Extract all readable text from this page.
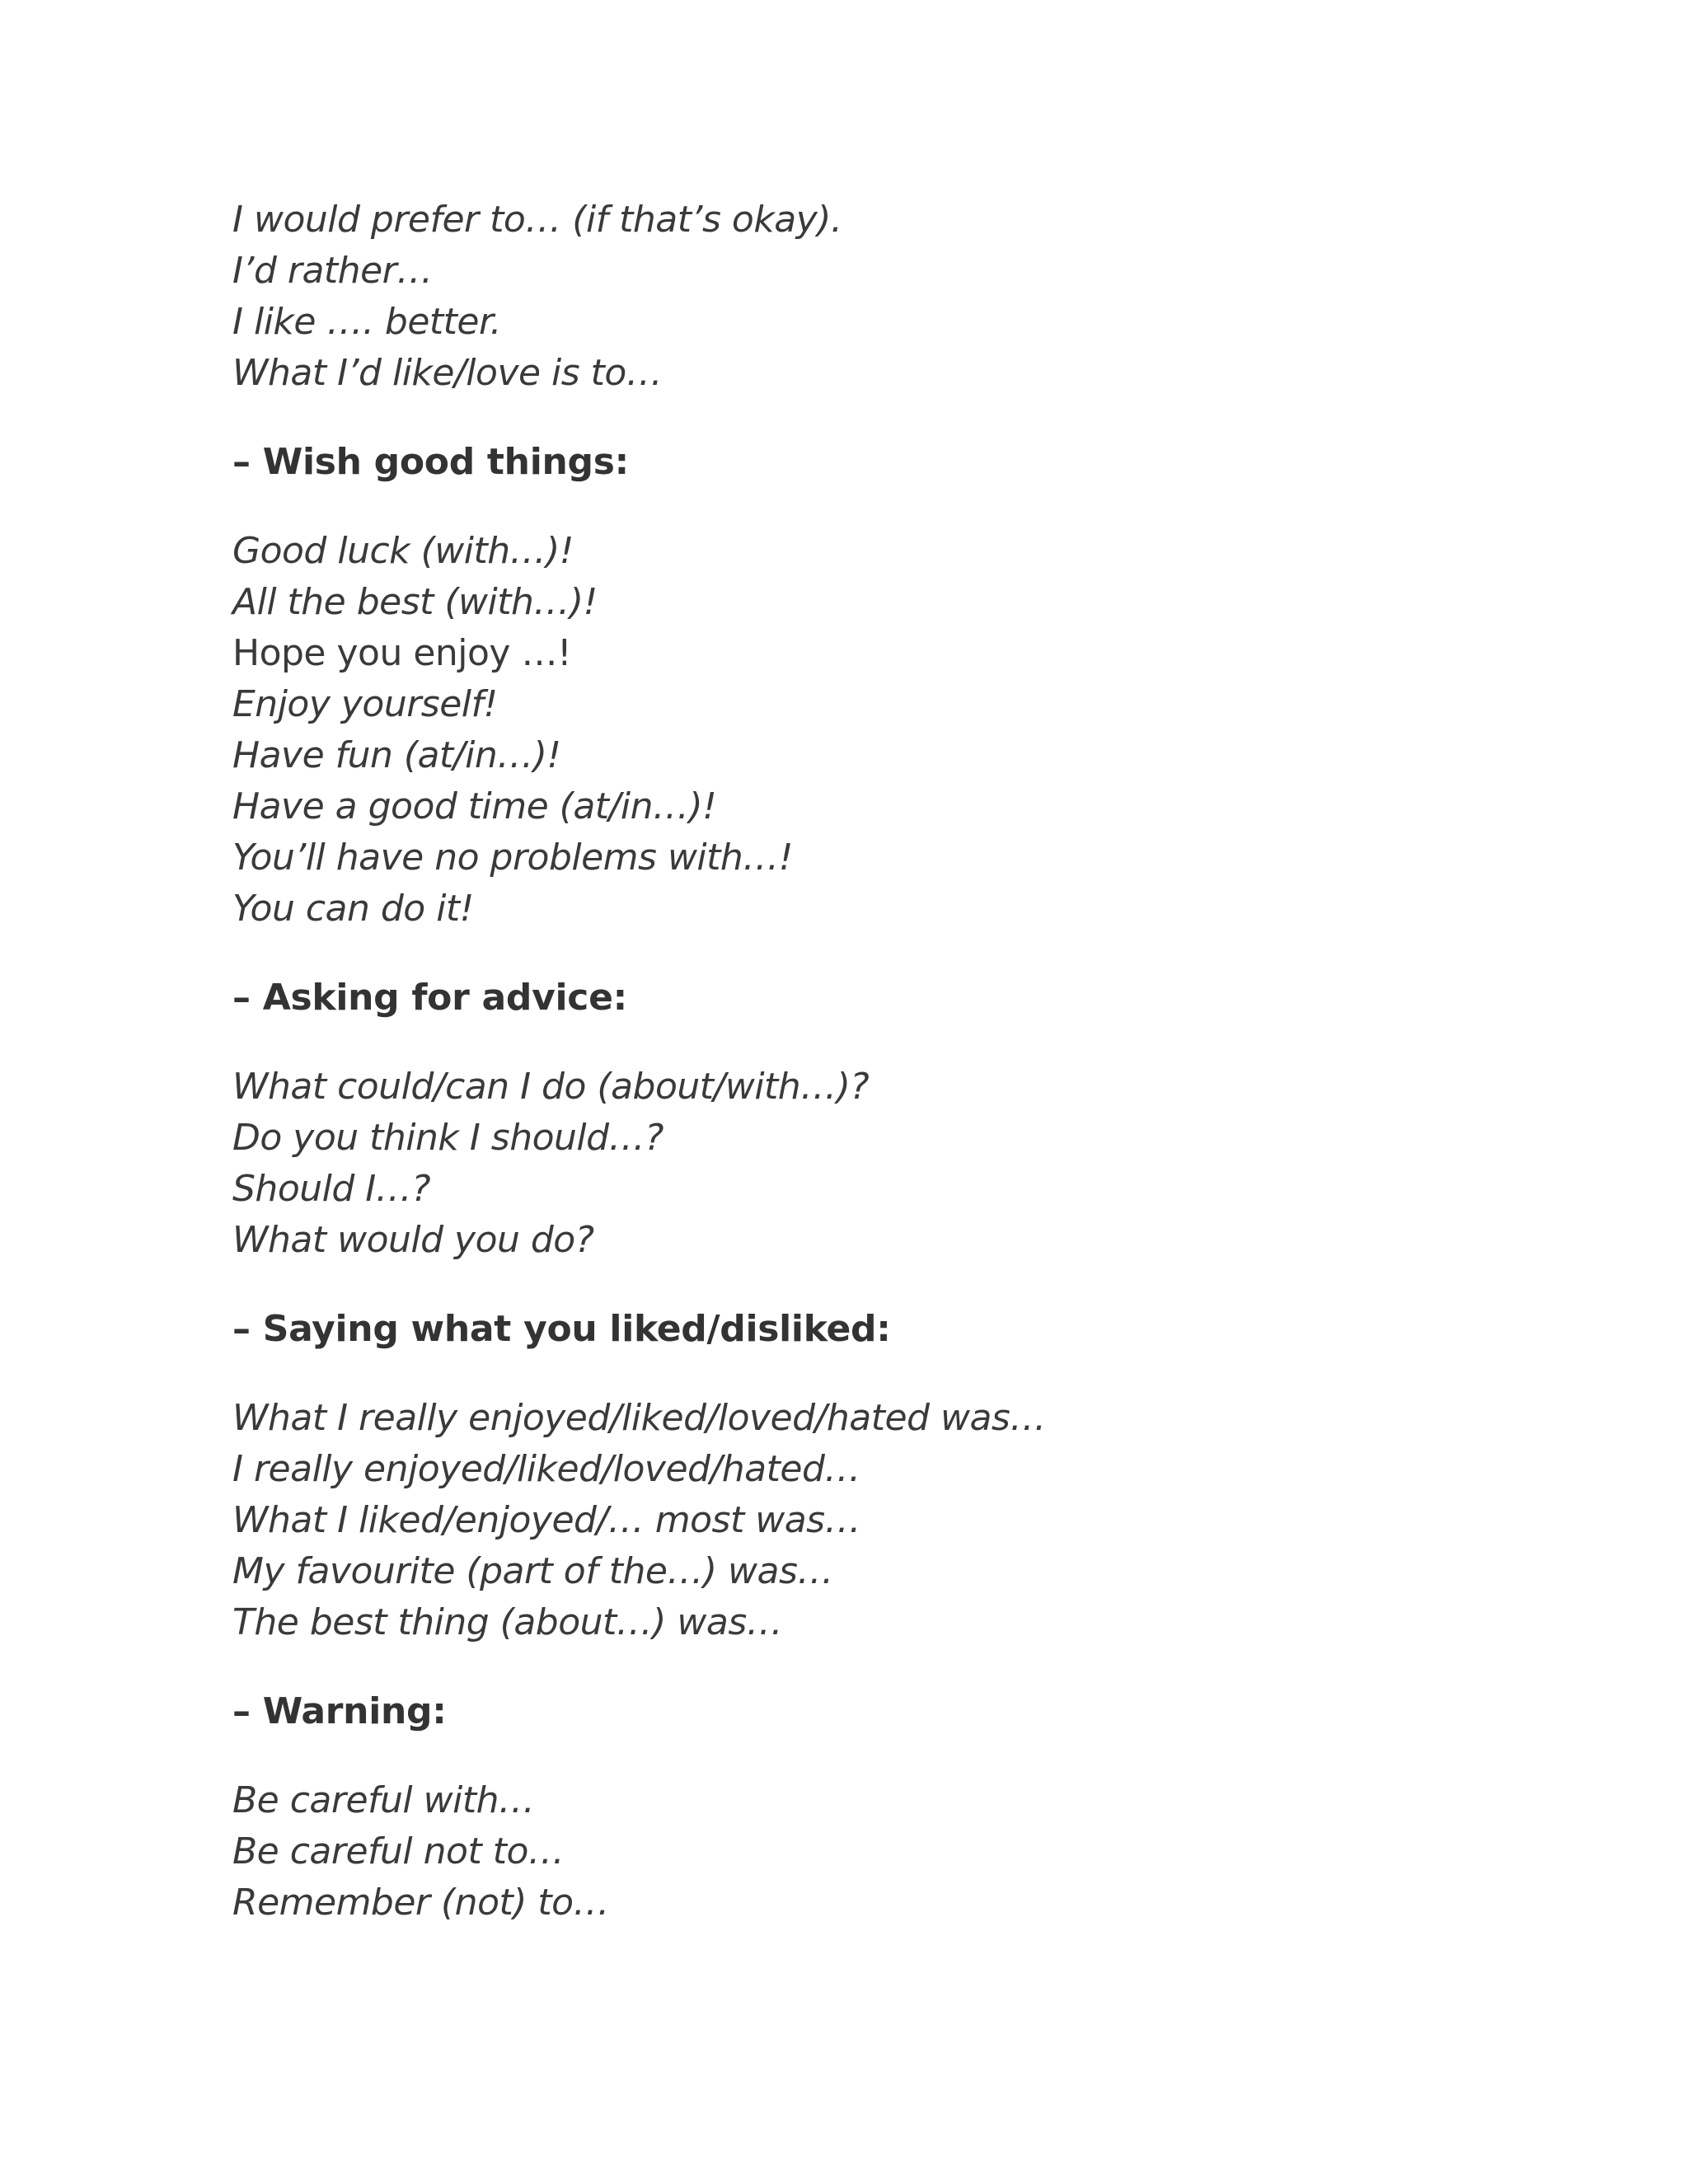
I would prefer to… (if that’s okay).
I’d rather…
I like …. better.
What I’d like/love is to…
– Wish good things:
Good luck (with…)!
All the best (with…)!
Hope you enjoy …!
Enjoy yourself!
Have fun (at/in…)!
Have a good time (at/in…)!
You’ll have no problems with…!
You can do it!
– Asking for advice:
What could/can I do (about/with…)?
Do you think I should…?
Should I…?
What would you do?
– Saying what you liked/disliked:
What I really enjoyed/liked/loved/hated was…
I really enjoyed/liked/loved/hated…
What I liked/enjoyed/… most was…
My favourite (part of the…) was…
The best thing (about…) was…
– Warning:
Be careful with…
Be careful not to…
Remember (not) to…
